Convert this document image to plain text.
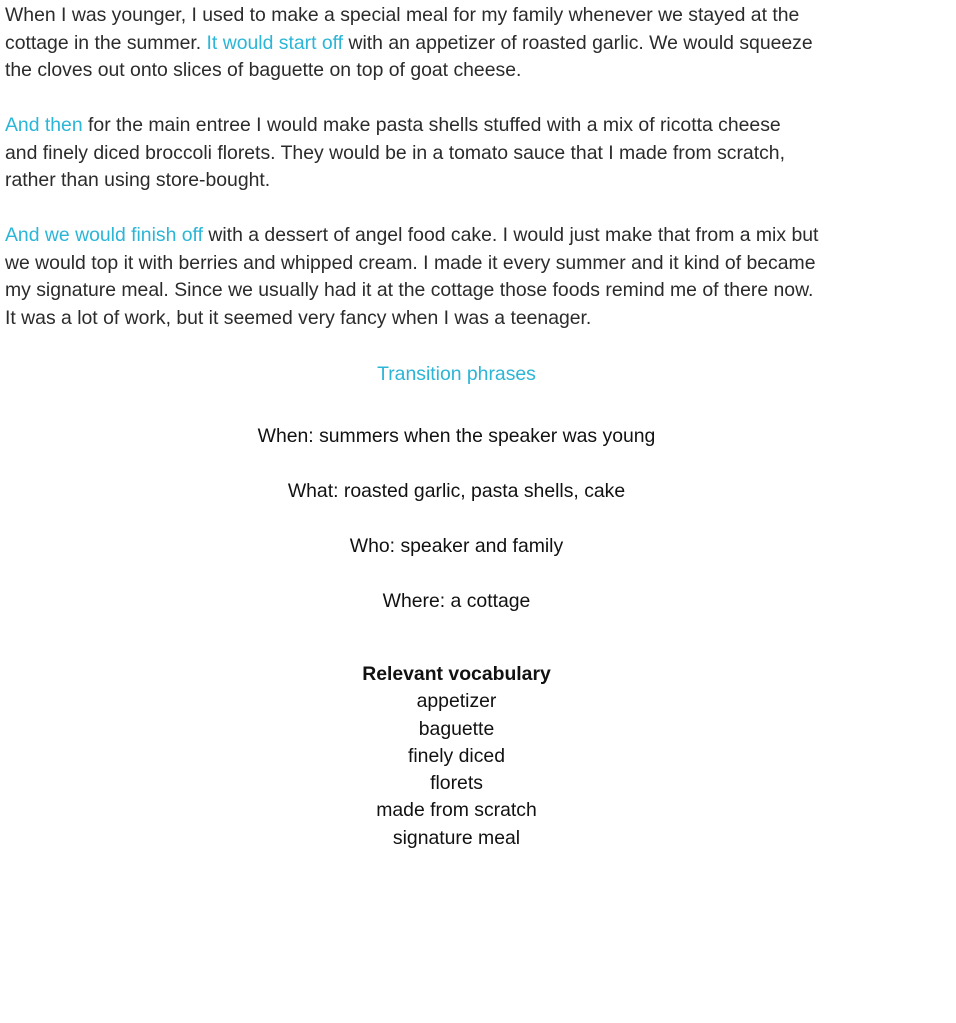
When I was younger, I used to make a special meal for my family whenever we stayed at the
cottage in the summer. It would start off with an appetizer of roasted garlic. We would squeeze
the cloves out onto slices of baguette on top of goat cheese.

And then for the main entree I would make pasta shells stuffed with a mix of ricotta cheese
and finely diced broccoli florets. They would be in a tomato sauce that I made from scratch,
rather than using store-bought.

And we would finish off with a dessert of angel food cake. I would just make that from a mix but
we would top it with berries and whipped cream. I made it every summer and it kind of became
my signature meal. Since we usually had it at the cottage those foods remind me of there now.
It was a lot of work, but it seemed very fancy when I was a teenager.

Transition phrases
When: summers when the speaker was young
What: roasted garlic, pasta shells, cake
Who: speaker and family
Where: a cottage
Relevant vocabulary
appetizer
baguette
finely diced
florets
made from scratch
signature meal
